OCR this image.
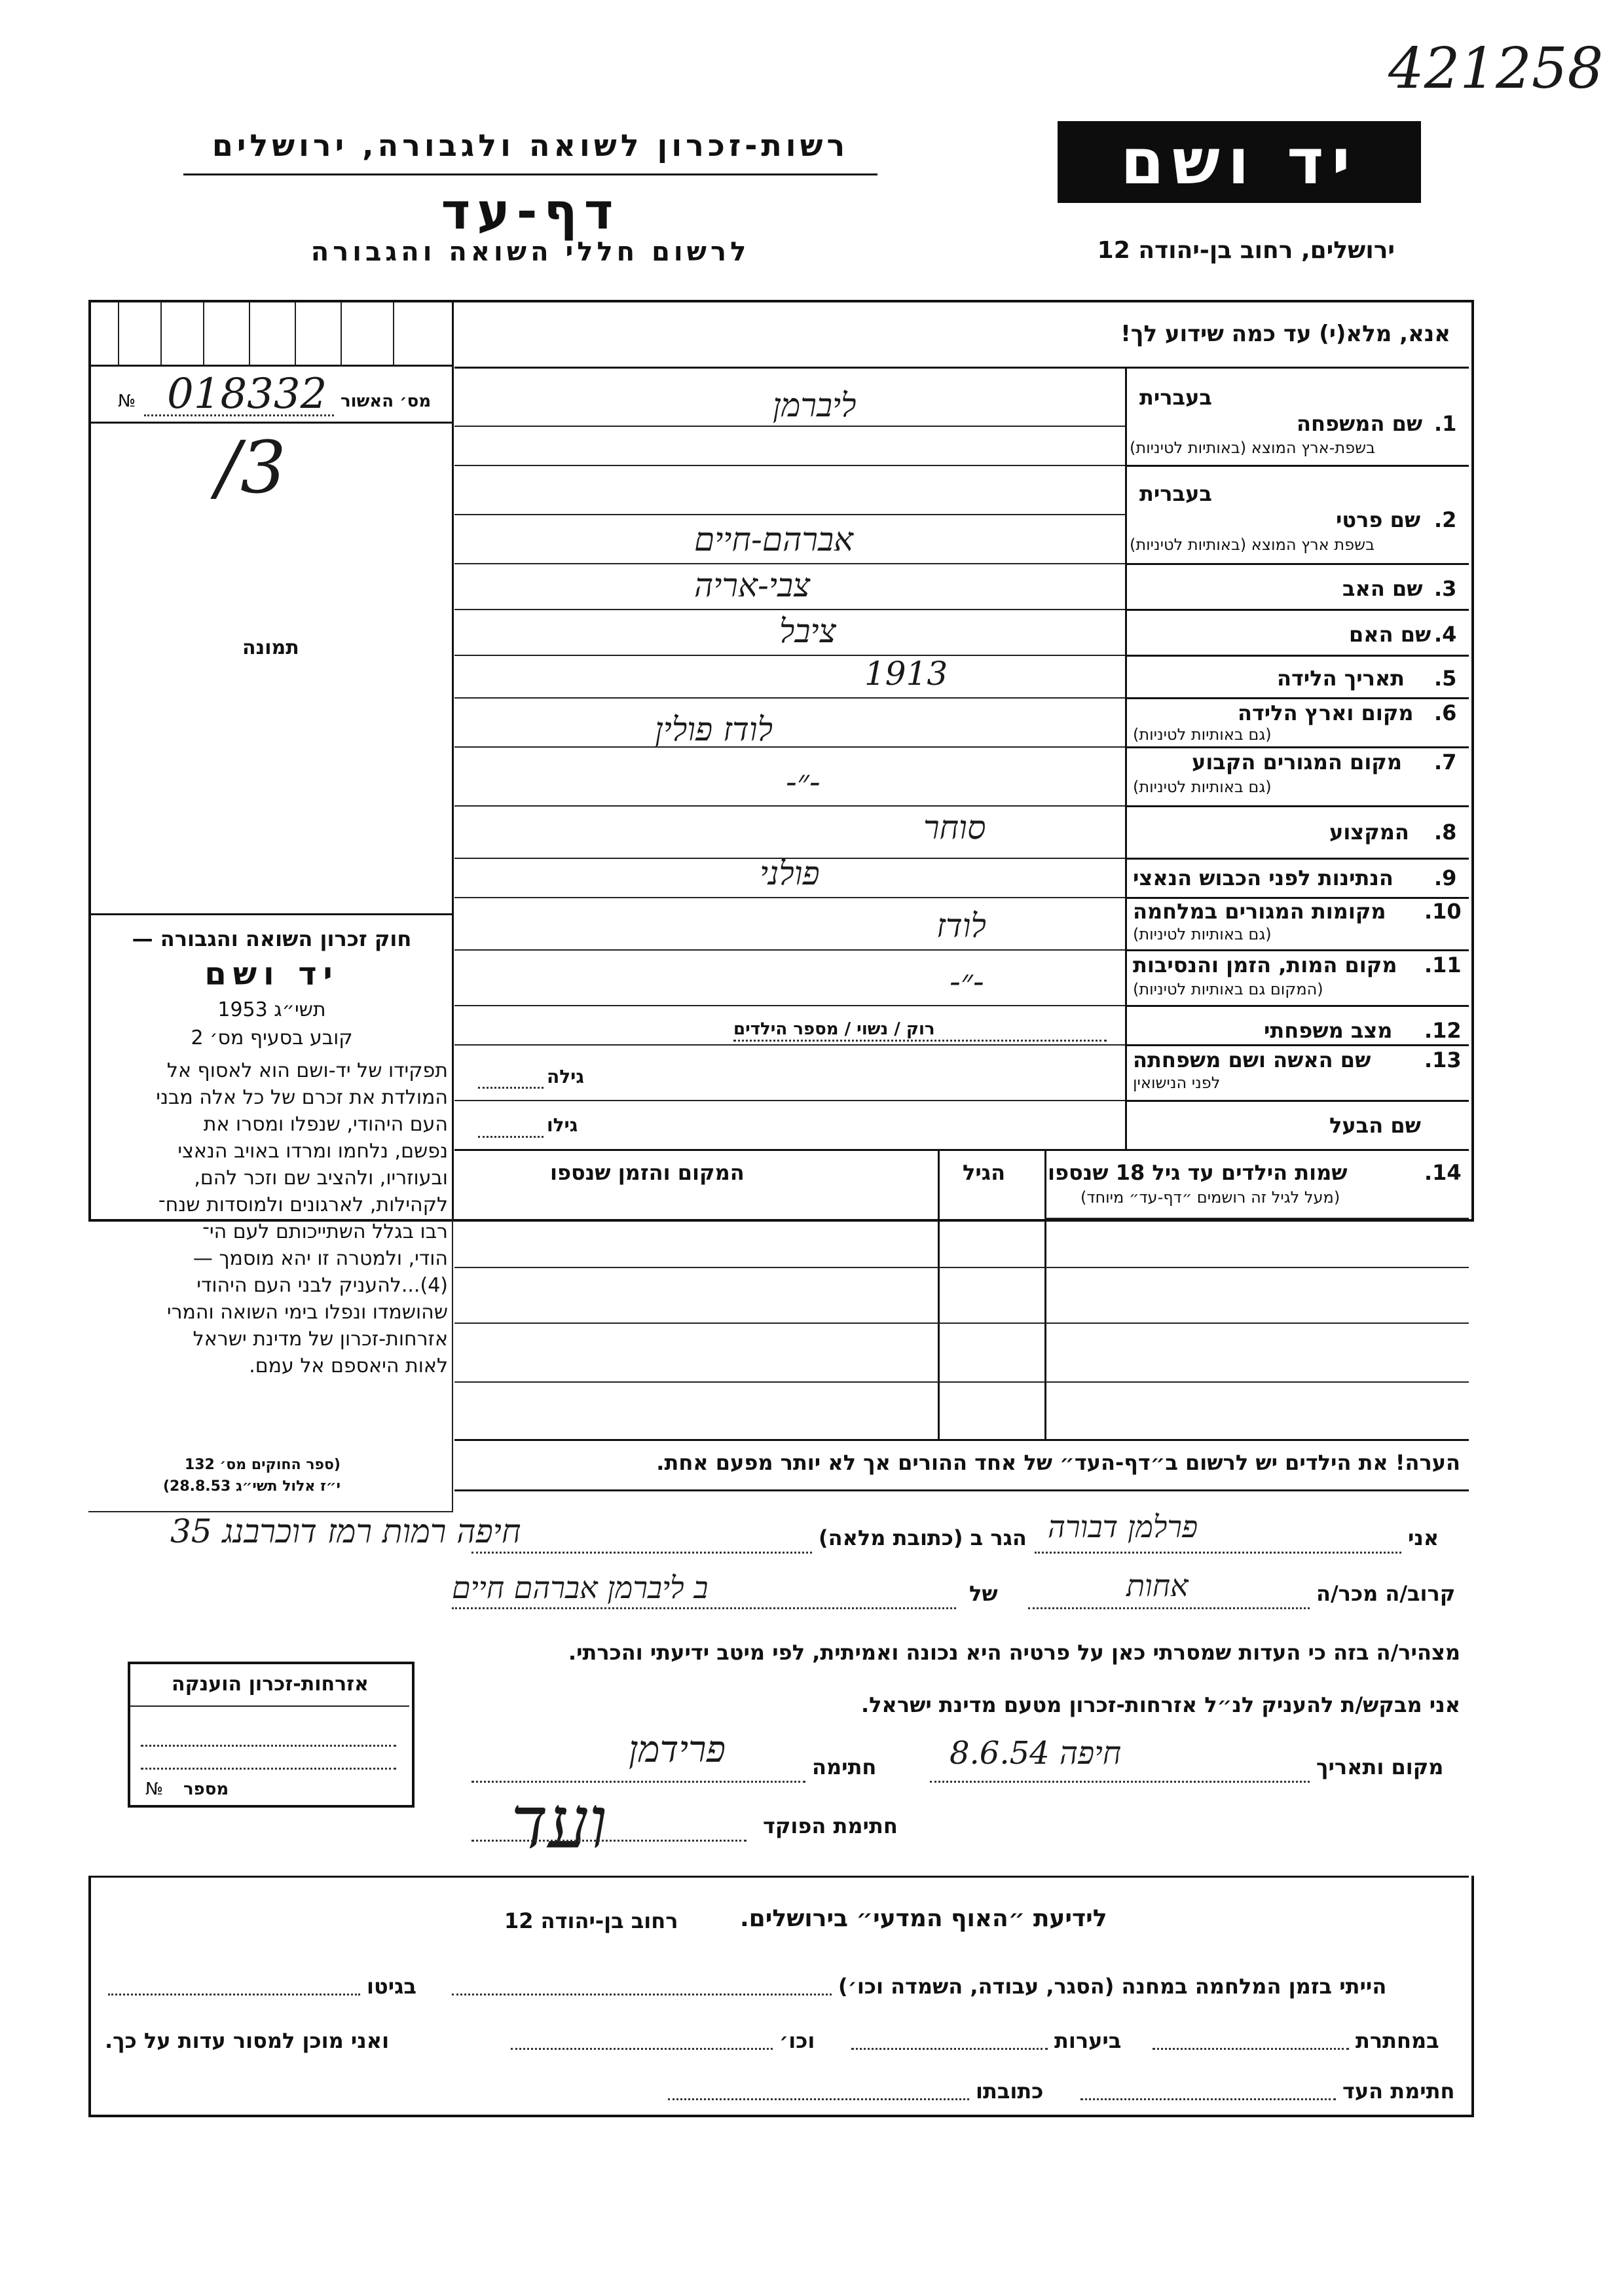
421258
רשות-זכרון לשואה ולגבורה, ירושלים
דף-עד
לרשום חללי השואה והגבורה
יד ושם
ירושלים, רחוב בן-יהודה 12
מס׳ האשור
№ 018332
/3
תמונה
חוק זכרון השואה והגבורה —
יד ושם
תשי״ג 1953
קובע בסעיף מס׳ 2
תפקידו של יד-ושם הוא לאסוף אל
המולדת את זכרם של כל אלה מבני
העם היהודי, שנפלו ומסרו את
נפשם, נלחמו ומרדו באויב הנאצי
ובעוזריו, ולהציב שם וזכר להם,
לקהילות, לארגונים ולמוסדות שנח־
רבו בגלל השתייכותם לעם הי־
הודי, ולמטרה זו יהא מוסמך —
(4)...להעניק לבני העם היהודי
שהושמדו ונפלו בימי השואה והמרי
אזרחות-זכרון של מדינת ישראל
לאות היאספם אל עמם.
(ספר החוקים מס׳ 132
י״ז אלול תשי״ג 28.8.53)
אנא, מלא(י) עד כמה שידוע לך!
בעברית
1.
שם המשפחה
בשפת-ארץ המוצא (באותיות לטיניות)
ליברמן
בעברית
2.
שם פרטי
בשפת ארץ המוצא (באותיות לטיניות)
אברהם-חיים
3.
שם האב
צבי-אריה
4.
שם האם
ציבל
5.
תאריך הלידה
1913
6.
מקום וארץ הלידה
(גם באותיות לטיניות)
לודז פולין
7.
מקום המגורים הקבוע
(גם באותיות לטיניות)
-״-
8.
המקצוע
סוחר
9.
הנתינות לפני הכבוש הנאצי
פולני
10.
מקומות המגורים במלחמה
(גם באותיות לטיניות)
לודז
11.
מקום המות, הזמן והנסיבות
(המקום גם באותיות לטיניות)
-״-
12.
מצב משפחתי
רוק / נשוי / מספר הילדים
13.
שם האשה ושם משפחתה
לפני הנישואין
גילה
שם הבעל
גילו
14.
שמות הילדים עד גיל 18 שנספו
(מעל לגיל זה רושמים ״דף-עד״ מיוחד)
הגיל
המקום והזמן שנספו
הערה! את הילדים יש לרשום ב״דף-העד״ של אחד ההורים אך לא יותר מפעם אחת.
אני
פרלמן דבורה
הגר ב (כתובת מלאה)
חיפה רמות רמז דוכרבנג 35
קרוב/ה מכר/ה
אחות
של
ב ליברמן אברהם חיים
מצהיר/ה בזה כי העדות שמסרתי כאן על פרטיה היא נכונה ואמיתית, לפי מיטב ידיעתי והכרתי.
אני מבקש/ת להעניק לנ״ל אזרחות-זכרון מטעם מדינת ישראל.
מקום ותאריך
חיפה 8.6.54
חתימה
פרידמן
חתימת הפוקד
ועד
אזרחות-זכרון הוענקה
מספר
№
לידיעת ״האוף המדעי״ בירושלים.
רחוב בן-יהודה 12
הייתי בזמן המלחמה במחנה (הסגר, עבודה, השמדה וכו׳)
בגיטו
במחתרת
ביערות
וכו׳
ואני מוכן למסור עדות על כך.
חתימת העד
כתובתו
